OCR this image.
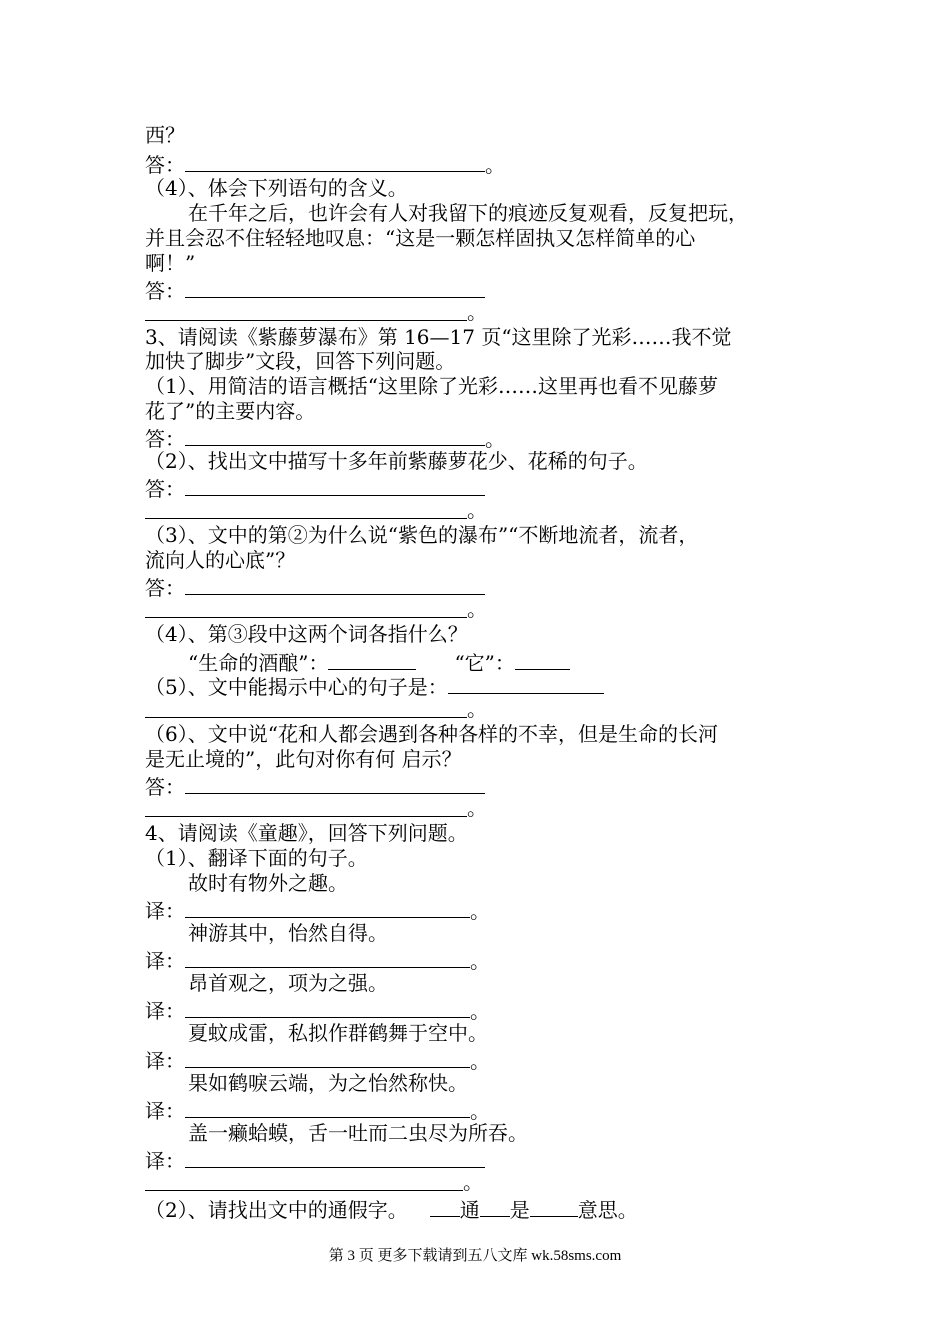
西？
答：	。
（4）、体会下列语句的含义。
在千年之后，也许会有人对我留下的痕迹反复观看，反复把玩，
并且会忍不住轻轻地叹息：“这是一颗怎样固执又怎样简单的心
啊！”
答：
。
3、请阅读《紫藤萝瀑布》第 16—17 页“这里除了光彩……我不觉
加快了脚步”文段，回答下列问题。
（1）、用简洁的语言概括“这里除了光彩……这里再也看不见藤萝
花了”的主要内容。
答：	。
（2）、找出文中描写十多年前紫藤萝花少、花稀的句子。
答：
。
（3）、文中的第②为什么说“紫色的瀑布”“不断地流者，流者，
流向人的心底”？
答：
。
（4）、第③段中这两个词各指什么？
“生命的酒酿”：	“它”：
（5）、文中能揭示中心的句子是：
。
（6）、文中说“花和人都会遇到各种各样的不幸，但是生命的长河
是无止境的”，此句对你有何 启示？
答：
。
4、请阅读《童趣》，回答下列问题。
（1）、翻译下面的句子。
故时有物外之趣。
译：	。
神游其中，怡然自得。
译：	。
昂首观之，项为之强。
译：	。
夏蚊成雷，私拟作群鹤舞于空中。
译：	。
果如鹤唳云端，为之怡然称快。
译：	。
盖一癞蛤蟆，舌一吐而二虫尽为所吞。
译：
。
（2）、请找出文中的通假字。	通 是 意思。
第 3 页 更多下载请到五八文库 wk.58sms.com
